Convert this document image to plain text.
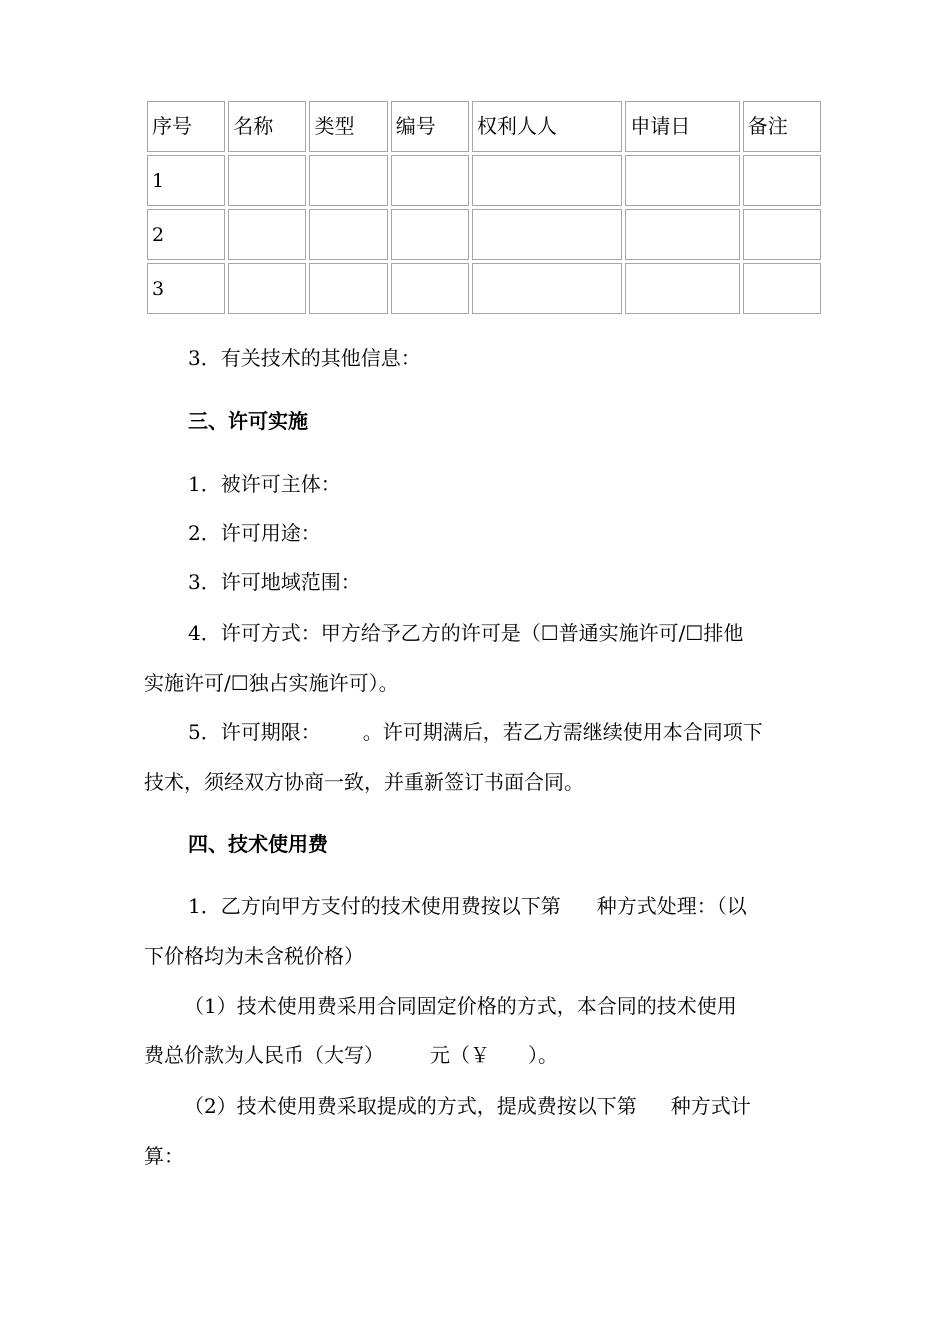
序号	名称	类型	编号	权利人人	申请日	备注
1						
2						
3						
3．有关技术的其他信息：
三、许可实施
1．被许可主体：
2．许可用途：
3．许可地域范围：
4．许可方式：甲方给予乙方的许可是（☐普通实施许可/☐排他
实施许可/☐独占实施许可）。
5．许可期限： 。许可期满后，若乙方需继续使用本合同项下
技术，须经双方协商一致，并重新签订书面合同。
四、技术使用费
1．乙方向甲方支付的技术使用费按以下第 种方式处理：（以
下价格均为未含税价格）
（1）技术使用费采用合同固定价格的方式，本合同的技术使用
费总价款为人民币（大写） 元（￥ ）。
（2）技术使用费采取提成的方式，提成费按以下第 种方式计
算：
